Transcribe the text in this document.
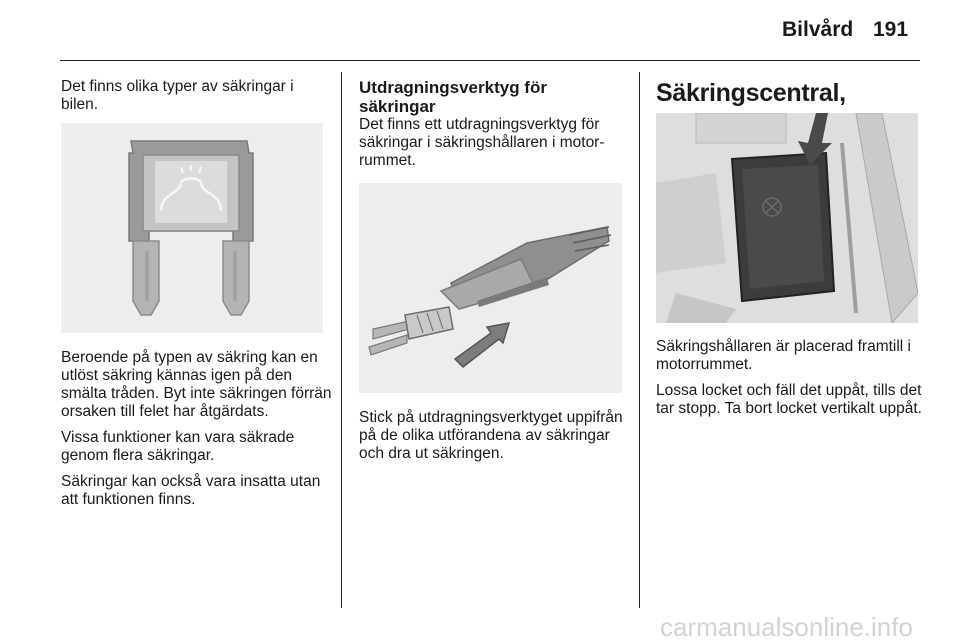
Bilvård 191

Det finns olika typer av säkringar i bilen.

Beroende på typen av säkring kan en utlöst säkring kännas igen på den smälta tråden. Byt inte säkringen förrän orsaken till felet har åtgärdats.

Vissa funktioner kan vara säkrade genom flera säkringar.

Säkringar kan också vara insatta utan att funktionen finns.

Utdragningsverktyg för säkringar

Det finns ett utdragningsverktyg för säkringar i säkringshållaren i motorrummet.

Stick på utdragningsverktyget uppifrån på de olika utförandena av säkringar och dra ut säkringen.

Säkringscentral,

Säkringshållaren är placerad framtill i motorrummet.

Lossa locket och fäll det uppåt, tills det tar stopp. Ta bort locket vertikalt uppåt.

carmanualsonline.info
